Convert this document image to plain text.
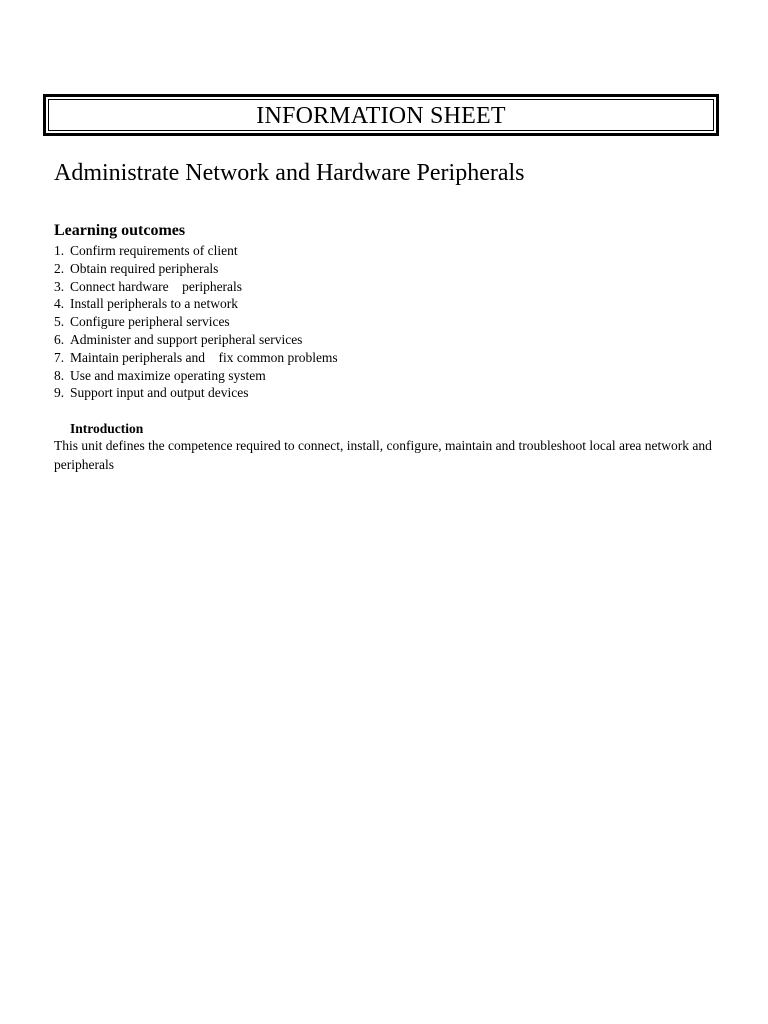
INFORMATION SHEET
Administrate Network and Hardware Peripherals
Learning outcomes
1. Confirm requirements of client
2. Obtain required peripherals
3. Connect hardware    peripherals
4. Install peripherals to a network
5. Configure peripheral services
6. Administer and support peripheral services
7. Maintain peripherals and    fix common problems
8. Use and maximize operating system
9. Support input and output devices
Introduction

This unit defines the competence required to connect, install, configure, maintain and troubleshoot local area network and peripherals
